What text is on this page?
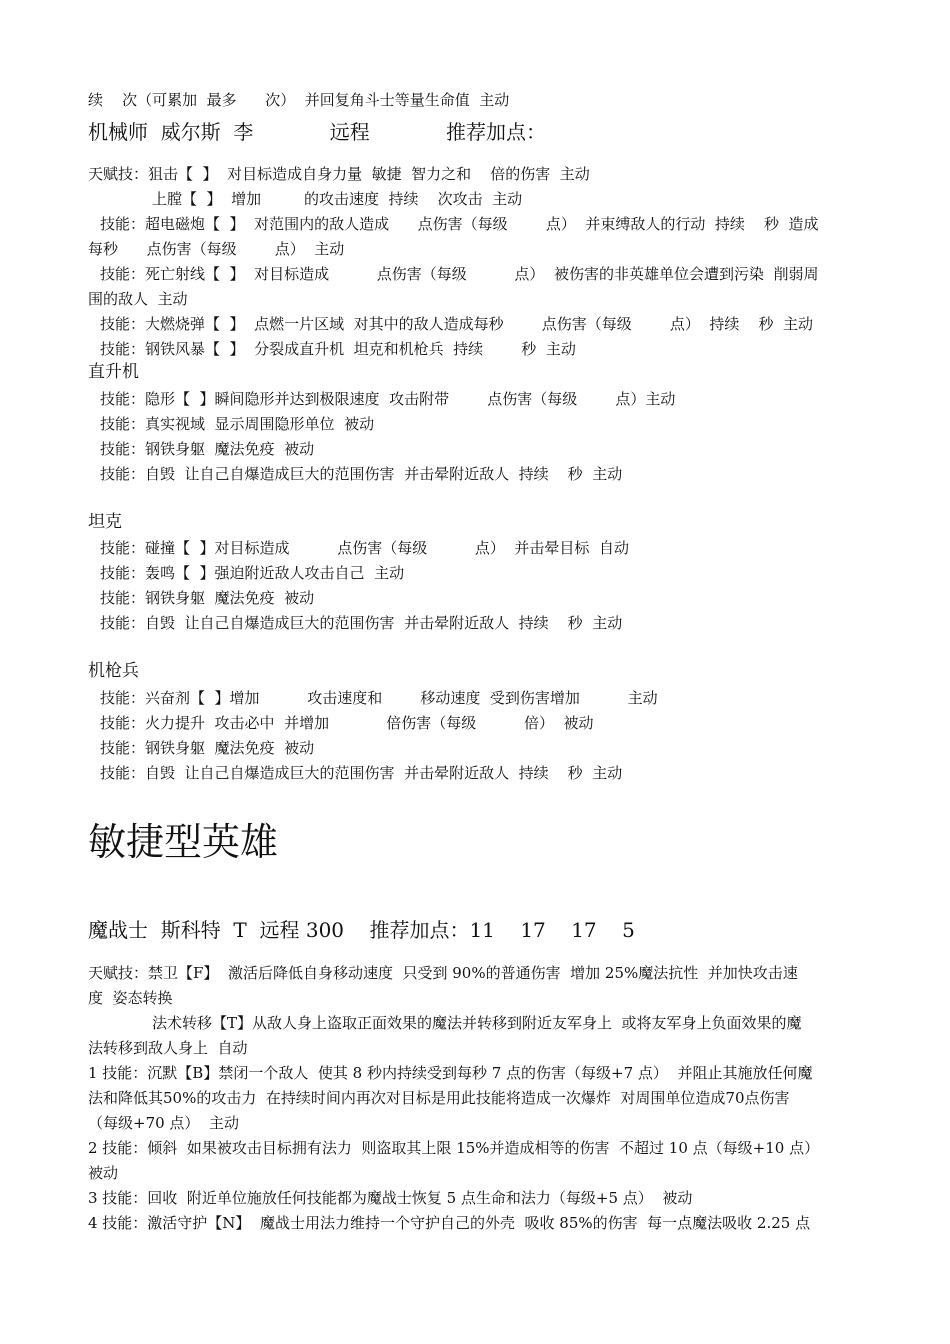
续    次（可累加  最多      次）  并回复角斗士等量生命值  主动
机械师  威尔斯  李            远程            推荐加点：
天赋技：狙击【  】  对目标造成自身力量  敏捷  智力之和    倍的伤害  主动
上膛【  】  增加         的攻击速度  持续    次攻击  主动
技能：超电磁炮【  】  对范围内的敌人造成      点伤害（每级        点）  并束缚敌人的行动  持续    秒  造成
每秒      点伤害（每级        点）  主动
技能：死亡射线【  】  对目标造成          点伤害（每级          点）  被伤害的非英雄单位会遭到污染  削弱周
围的敌人  主动
技能：大燃烧弹【  】  点燃一片区域  对其中的敌人造成每秒        点伤害（每级        点）  持续    秒  主动
技能：钢铁风暴【  】  分裂成直升机  坦克和机枪兵  持续        秒  主动
直升机
技能：隐形【  】瞬间隐形并达到极限速度  攻击附带        点伤害（每级        点）主动
技能：真实视域  显示周围隐形单位  被动
技能：钢铁身躯  魔法免疫  被动
技能：自毁  让自己自爆造成巨大的范围伤害  并击晕附近敌人  持续    秒  主动
坦克
技能：碰撞【  】对目标造成          点伤害（每级          点）  并击晕目标  自动
技能：轰鸣【  】强迫附近敌人攻击自己  主动
技能：钢铁身躯  魔法免疫  被动
技能：自毁  让自己自爆造成巨大的范围伤害  并击晕附近敌人  持续    秒  主动
机枪兵
技能：兴奋剂【  】增加          攻击速度和        移动速度  受到伤害增加          主动
技能：火力提升  攻击必中  并增加            倍伤害（每级          倍）  被动
技能：钢铁身躯  魔法免疫  被动
技能：自毁  让自己自爆造成巨大的范围伤害  并击晕附近敌人  持续    秒  主动
敏捷型英雄
魔战士  斯科特  T  远程 300    推荐加点：11    17    17    5
天赋技：禁卫【F】  激活后降低自身移动速度  只受到 90%的普通伤害  增加 25%魔法抗性  并加快攻击速
度  姿态转换
法术转移【T】从敌人身上盗取正面效果的魔法并转移到附近友军身上  或将友军身上负面效果的魔
法转移到敌人身上  自动
1 技能：沉默【B】禁闭一个敌人  使其 8 秒内持续受到每秒 7 点的伤害（每级+7 点）  并阻止其施放任何魔
法和降低其50%的攻击力  在持续时间内再次对目标是用此技能将造成一次爆炸  对周围单位造成70点伤害
（每级+70 点）  主动
2 技能：倾斜  如果被攻击目标拥有法力  则盗取其上限 15%并造成相等的伤害  不超过 10 点（每级+10 点）
被动
3 技能：回收  附近单位施放任何技能都为魔战士恢复 5 点生命和法力（每级+5 点）  被动
4 技能：激活守护【N】  魔战士用法力维持一个守护自己的外壳  吸收 85%的伤害  每一点魔法吸收 2.25 点
